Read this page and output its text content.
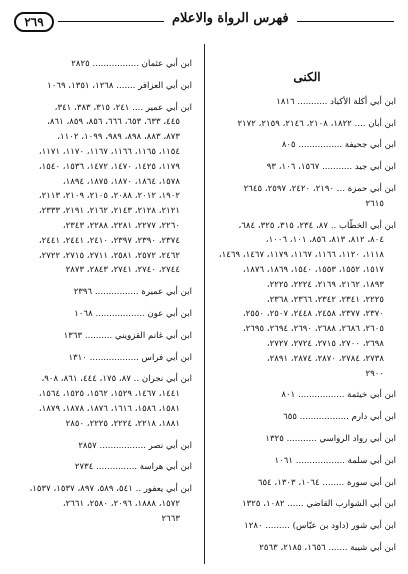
٢٦٩	فهرس الرواة والاعلام
الكنى
ابن أبي أكلة الأكباد ........... ١٨١٦
ابن أبان .... ١٨٢٢، ٢١٠٨، ٢١٤٦، ٢١٥٩، ٢١٧٢
ابن أبي جحيفة ................ ٨٠٥
ابن أبي جيد ........... ١٥٦٧، ١٠٦، ٩٣
ابن أبي حمزة ... ٢١٩٠، ٢٤٢٠، ٢٥٩٧، ٢٦٤٥
٢٦١٥
ابن أبي الخطّاب .. ٨٧، ٢٣٤، ٣١٥، ٣٢٥، ٦٨٤،
٨٠٤، ٨١٢، ٨١٣، ٨٥٦، ١٠١، ١٠٠٦،
١١١٨، ١١٢٠، ١١٦٦، ١١٦٧، ١١٧٩، ١٤٦٧، ١٤٦٩،
١٥١٧، ١٥٥٢، ١٥٥٣، ١٥٤٠، ١٨٦٩، ١٨٧٦،
١٨٩٣، ٢١٦٢، ٢١٦٩، ٢٢٢٤، ٢٢٢٥،
٢٢٢٥، ٢٣٤١، ٢٣٤٢، ٢٣٦٦، ٢٣٦٨،
٢٣٧٠، ٢٣٧٧، ٢٤٥٨، ٢٤٤٨، ٢٥٠٧، ٢٥٥٠،
٢٦٠٥، ٢٦٨٦، ٢٦٨٨، ٢٦٩٠، ٢٦٩٤، ٢٦٩٥،
٢٦٩٨، ٢٧٠٠، ٢٧١٥، ٢٧٢٤، ٢٧٢٧،
٢٧٣٨، ٢٧٨٤، ٢٨٧٠، ٢٨٧٤، ٢٨٩١،
٢٩٠٠
ابن أبي خيثمة ................. ٨٠١
ابن أبي دارم .................. ٦٥٥
ابن أبي رواد الرواسي ........... ١٣٢٥
ابن أبي سلمة .................. ١٠٦١
ابن أبي سورة ........ ١٠٦٤، ١٣٠٣، ٦٥٤
ابن أبي الشوارب القاضي ...... ١٠٨٢، ١٣٢٥
ابن أبي شور (داود بن عبّاس) ......... ١٢٨٠
ابن أبي شيبة ....... ١٦٥٦، ٢١٨٥، ٢٥٦٣
ابن أبي عثمان ................. ٢٨٢٥
ابن أبي العزافر ....... ١٢٦٨، ١٣٥١، ١٠٦٩
ابن أبي عمير .... ٢٤١، ٣١٥، ٣٨٣، ٣٤١،
٤٤٥، ٦٣٣، ٦٥٣، ٦٦٦، ٨٥٦، ٨٥٩، ٨٦١،
٨٧٣، ٨٨٣، ٨٩٨، ٩٨٩، ١٠٩٩، ١١٠٢،
١١٥٤، ١١٦٥، ١١٦٦، ١١٦٧، ١١٧٠، ١١٧١،
١١٧٩، ١٤٢٥، ١٤٧٠، ١٤٧٢، ١٥٣٦، ١٥٤٠،
١٥٧٨، ١٨٦٤، ١٨٧٠، ١٨٧٥، ١٨٩٤،
١٩٠٢، ٢٠١٢، ٢٠٨٨، ٢١٠٥، ٢١٠٩، ٢١١٣،
٢١٢١، ٢١٢٨، ٢١٤٣، ٢١٦٢، ٢١٩١، ٢٣٣٣،
٢٢٦٠، ٢٢٧٧، ٢٢٨١، ٢٢٨٨، ٢٣٤٣،
٢٣٧٤، ٢٣٩٠، ٢٣٩٧، ٢٤١٠، ٢٤٤١، ٢٤٤١،
٢٤٦٢، ٢٥٧٢، ٢٥٨١، ٢٧١١، ٢٧١٥، ٢٧٢٢،
٢٧٤٤، ٢٧٤٠، ٢٧٤١، ٢٨٤٣، ٢٨٧٣
ابن أبي عميرة ................ ٢٣٩٦
ابن أبي عون .................. ١٠٦٨
ابن أبي غانم القزويني .......... ١٣٦٣
ابن أبي فراس .................. ١٣١٠
ابن أبي نجران .. ٨٧، ١٧٥، ٤٤٤، ٨٦١، ٩٠٨،
١٤٤١، ١٤٦٧، ١٥٢٩، ١٥٦٢، ١٥٢٥، ١٥٦٤،
١٥٨١، ١٥٨٦، ١٦١٦، ١٨٧٦، ١٨٧٨، ١٨٧٩،
١٨٨١، ٢٢١٨، ٢٢٢٤، ٢٢٢٥، ٢٨٥٠
ابن أبي نصر ................. ٢٨٥٧
ابن أبي هراسة ............... ٢٧٣٤
ابن أبي يعفور .. ٥٤١، ٥٨٩، ٨٩٧، ١٥٣٧، ١٥٣٧،
١٥٧٢، ١٨٨٨، ٢٠٩٦، ٢٥٨٠، ٢٦٦١،
٢٦٦٣
